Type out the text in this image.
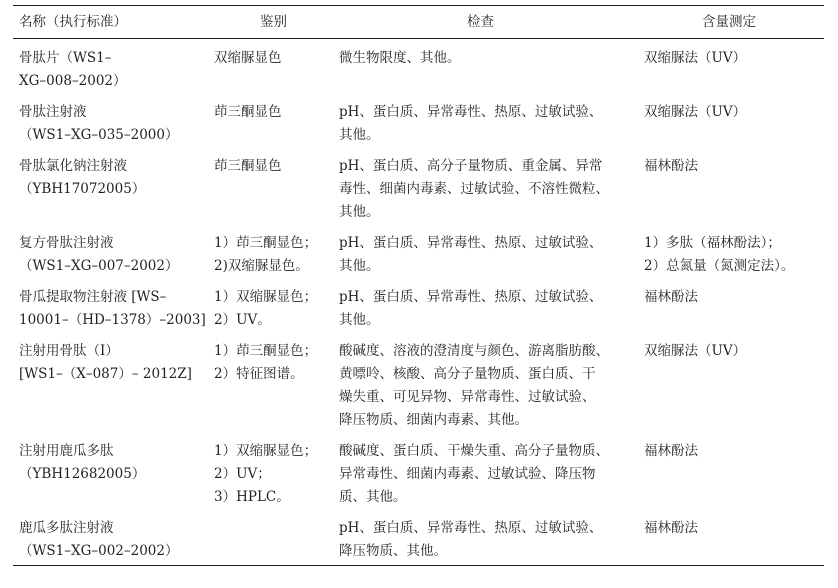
名称（执行标准）	鉴别	检查	含量测定

骨肽片（WS1–
XG–008–2002）	双缩脲显色	微生物限度、其他。	双缩脲法（UV）

骨肽注射液
（WS1–XG–035–2000）	茚三酮显色	pH、蛋白质、异常毒性、热原、过敏试验、
其他。	双缩脲法（UV）

骨肽氯化钠注射液
（YBH17072005）	茚三酮显色	pH、蛋白质、高分子量物质、重金属、异常
毒性、细菌内毒素、过敏试验、不溶性微粒、
其他。	福林酚法

复方骨肽注射液
（WS1–XG–007–2002）	1）茚三酮显色；
2)双缩脲显色。	pH、蛋白质、异常毒性、热原、过敏试验、
其他。	1）多肽（福林酚法）；
2）总氮量（氮测定法）。

骨瓜提取物注射液 [WS–
10001–（HD–1378）–2003]	1）双缩脲显色；
2）UV。	pH、蛋白质、异常毒性、热原、过敏试验、
其他。	福林酚法

注射用骨肽（I）
[WS1–（X–087）– 2012Z]	1）茚三酮显色；
2）特征图谱。	酸碱度、溶液的澄清度与颜色、游离脂肪酸、
黄嘌呤、核酸、高分子量物质、蛋白质、干
燥失重、可见异物、异常毒性、过敏试验、
降压物质、细菌内毒素、其他。	双缩脲法（UV）

注射用鹿瓜多肽
（YBH12682005）	1）双缩脲显色；
2）UV；
3）HPLC。	酸碱度、蛋白质、干燥失重、高分子量物质、
异常毒性、细菌内毒素、过敏试验、降压物
质、其他。	福林酚法

鹿瓜多肽注射液
（WS1–XG–002–2002）		pH、蛋白质、异常毒性、热原、过敏试验、
降压物质、其他。	福林酚法
